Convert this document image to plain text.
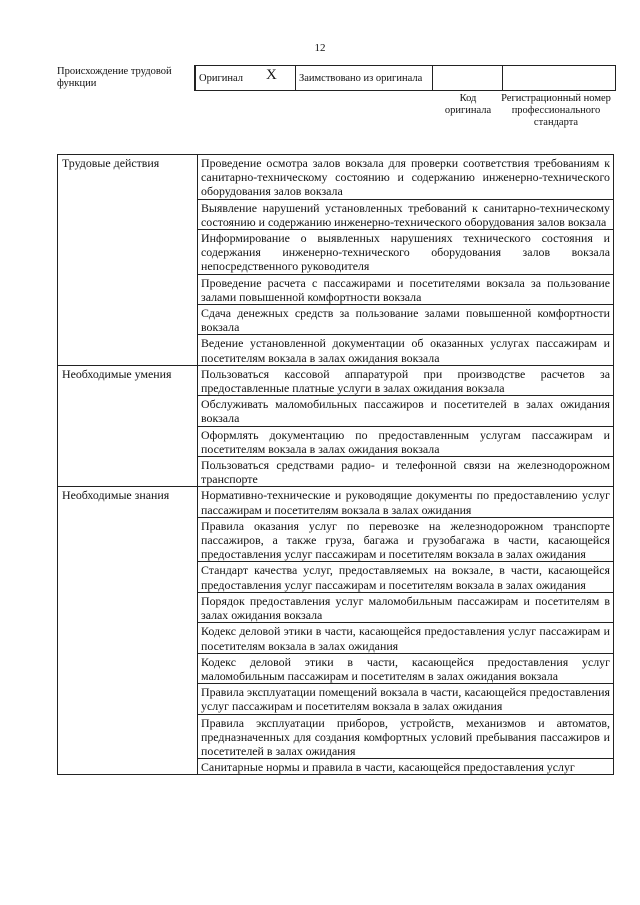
12
Происхождение трудовой функции	Оригинал X	Заимствовано из оригинала		
Код оригинала
Регистрационный номер профессионального стандарта
Трудовые действия	Проведение осмотра залов вокзала для проверки соответствия требованиям к санитарно-техническому состоянию и содержанию инженерно-технического оборудования залов вокзала
	Выявление нарушений установленных требований к санитарно-техническому состоянию и содержанию инженерно-технического оборудования залов вокзала
	Информирование о выявленных нарушениях технического состояния и содержания инженерно-технического оборудования залов вокзала непосредственного руководителя
	Проведение расчета с пассажирами и посетителями вокзала за пользование залами повышенной комфортности вокзала
	Сдача денежных средств за пользование залами повышенной комфортности вокзала
	Ведение установленной документации об оказанных услугах пассажирам и посетителям вокзала в залах ожидания вокзала
Необходимые умения	Пользоваться кассовой аппаратурой при производстве расчетов за предоставленные платные услуги в залах ожидания вокзала
	Обслуживать маломобильных пассажиров и посетителей в залах ожидания вокзала
	Оформлять документацию по предоставленным услугам пассажирам и посетителям вокзала в залах ожидания вокзала
	Пользоваться средствами радио- и телефонной связи на железнодорожном транспорте
Необходимые знания	Нормативно-технические и руководящие документы по предоставлению услуг пассажирам и посетителям вокзала в залах ожидания
	Правила оказания услуг по перевозке на железнодорожном транспорте пассажиров, а также груза, багажа и грузобагажа в части, касающейся предоставления услуг пассажирам и посетителям вокзала в залах ожидания
	Стандарт качества услуг, предоставляемых на вокзале, в части, касающейся предоставления услуг пассажирам и посетителям вокзала в залах ожидания
	Порядок предоставления услуг маломобильным пассажирам и посетителям в залах ожидания вокзала
	Кодекс деловой этики в части, касающейся предоставления услуг пассажирам и посетителям вокзала в залах ожидания
	Кодекс деловой этики в части, касающейся предоставления услуг маломобильным пассажирам и посетителям в залах ожидания вокзала
	Правила эксплуатации помещений вокзала в части, касающейся предоставления услуг пассажирам и посетителям вокзала в залах ожидания
	Правила эксплуатации приборов, устройств, механизмов и автоматов, предназначенных для создания комфортных условий пребывания пассажиров и посетителей в залах ожидания
	Санитарные нормы и правила в части, касающейся предоставления услуг
